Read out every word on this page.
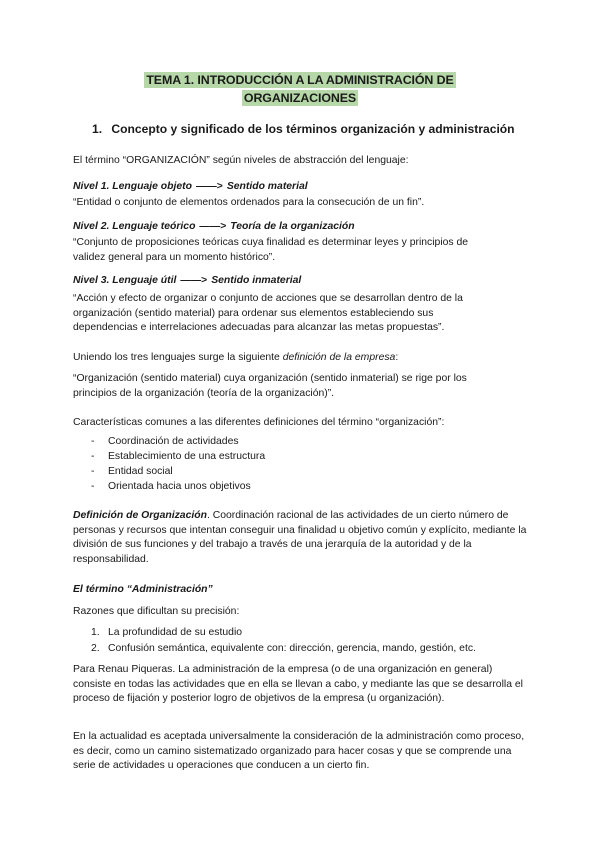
TEMA 1. INTRODUCCIÓN A LA ADMINISTRACIÓN DE
ORGANIZACIONES
1. Concepto y significado de los términos organización y administración

El término “ORGANIZACIÓN” según niveles de abstracción del lenguaje:

Nivel 1. Lenguaje objeto ——> Sentido material

“Entidad o conjunto de elementos ordenados para la consecución de un fin”.

Nivel 2. Lenguaje teórico ——> Teoría de la organización

“Conjunto de proposiciones teóricas cuya finalidad es determinar leyes y principios de validez general para un momento histórico”.

Nivel 3. Lenguaje útil ——> Sentido inmaterial

“Acción y efecto de organizar o conjunto de acciones que se desarrollan dentro de la organización (sentido material) para ordenar sus elementos estableciendo sus dependencias e interrelaciones adecuadas para alcanzar las metas propuestas”.

Uniendo los tres lenguajes surge la siguiente definición de la empresa:

“Organización (sentido material) cuya organización (sentido inmaterial) se rige por los principios de la organización (teoría de la organización)”.

Características comunes a las diferentes definiciones del término “organización”:

- Coordinación de actividades
- Establecimiento de una estructura
- Entidad social
- Orientada hacia unos objetivos

Definición de Organización. Coordinación racional de las actividades de un cierto número de personas y recursos que intentan conseguir una finalidad u objetivo común y explícito, mediante la división de sus funciones y del trabajo a través de una jerarquía de la autoridad y de la responsabilidad.

El término “Administración”

Razones que dificultan su precisión:

1. La profundidad de su estudio
2. Confusión semántica, equivalente con: dirección, gerencia, mando, gestión, etc.

Para Renau Piqueras. La administración de la empresa (o de una organización en general) consiste en todas las actividades que en ella se llevan a cabo, y mediante las que se desarrolla el proceso de fijación y posterior logro de objetivos de la empresa (u organización).

En la actualidad es aceptada universalmente la consideración de la administración como proceso, es decir, como un camino sistematizado organizado para hacer cosas y que se comprende una serie de actividades u operaciones que conducen a un cierto fin.
